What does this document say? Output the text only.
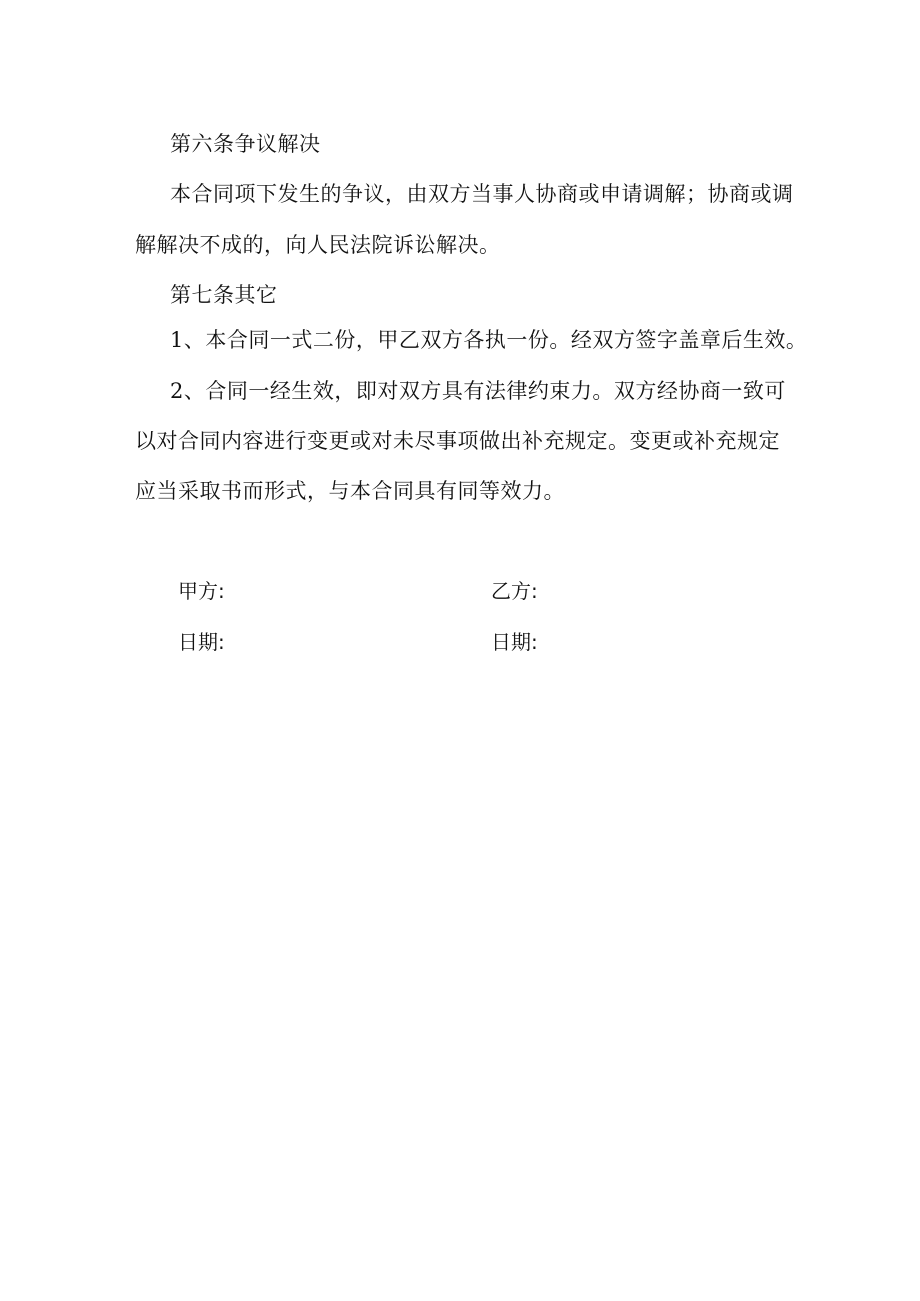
第六条争议解决
本合同项下发生的争议，由双方当事人协商或申请调解；协商或调
解解决不成的，向人民法院诉讼解决。
第七条其它
1、本合同一式二份，甲乙双方各执一份。经双方签字盖章后生效。
2、合同一经生效，即对双方具有法律约束力。双方经协商一致可
以对合同内容进行变更或对未尽事项做出补充规定。变更或补充规定
应当采取书而形式，与本合同具有同等效力。
甲方:	乙方:
日期:	日期:
